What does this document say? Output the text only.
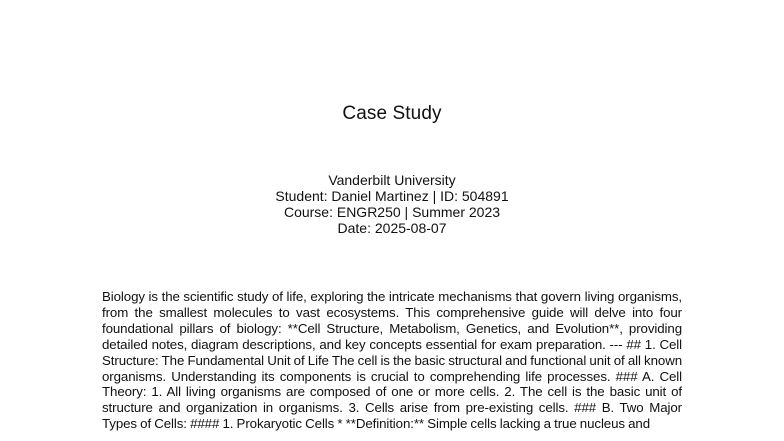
Case Study
Vanderbilt University
Student: Daniel Martinez | ID: 504891
Course: ENGR250 | Summer 2023
Date: 2025-08-07
Biology is the scientific study of life, exploring the intricate mechanisms that govern living organisms, from the smallest molecules to vast ecosystems. This comprehensive guide will delve into four foundational pillars of biology: **Cell Structure, Metabolism, Genetics, and Evolution**, providing detailed notes, diagram descriptions, and key concepts essential for exam preparation. --- ## 1. Cell Structure: The Fundamental Unit of Life The cell is the basic structural and functional unit of all known organisms. Understanding its components is crucial to comprehending life processes. ### A. Cell Theory: 1. All living organisms are composed of one or more cells. 2. The cell is the basic unit of structure and organization in organisms. 3. Cells arise from pre-existing cells. ### B. Two Major Types of Cells: #### 1. Prokaryotic Cells * **Definition:** Simple cells lacking a true nucleus and
